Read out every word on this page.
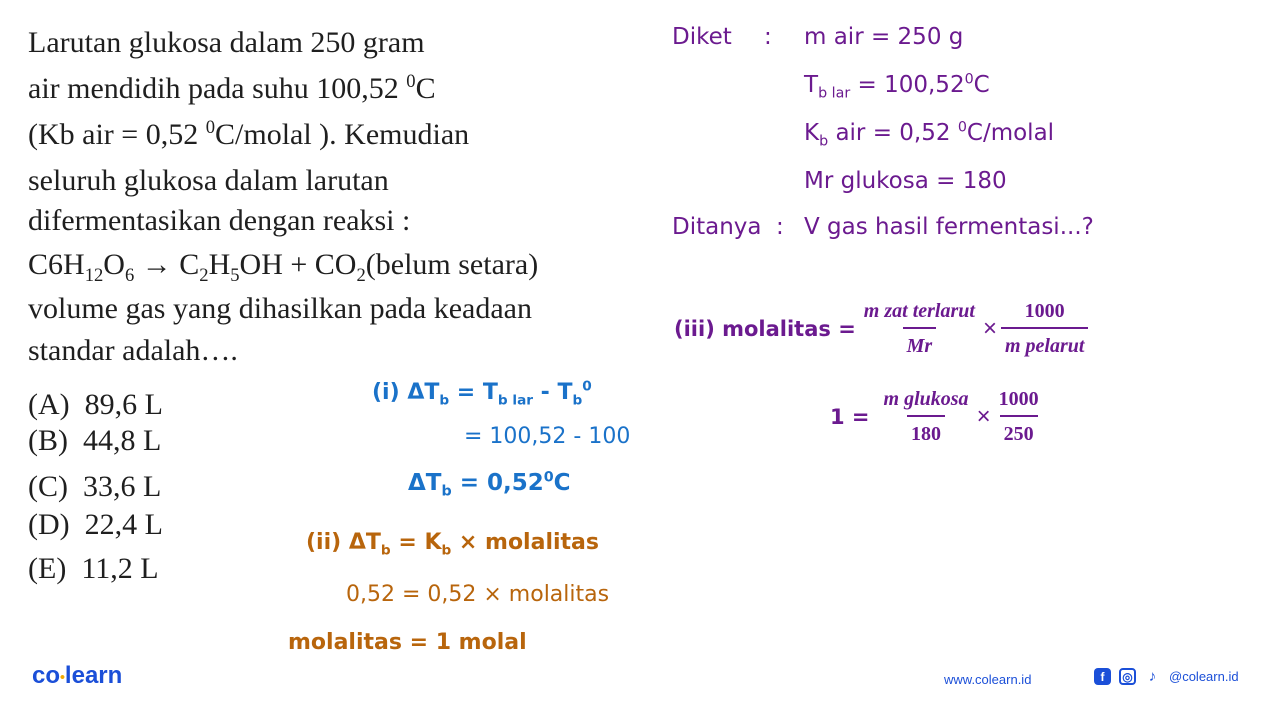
Larutan glukosa dalam 250 gram
air mendidih pada suhu 100,52 $^0$C
(Kb air = 0,52 $^0$C/molal ). Kemudian
seluruh glukosa dalam larutan
difermentasikan dengan reaksi :
$C6H_{12}O_6 \to C_2H_5OH$ + $CO_2(belum$ setara)
volume gas yang dihasilkan pada keadaan
standar adalah….
(A) 89,6 L
(B) 44,8 L
(C) 33,6 L
(D) 22,4 L
(E) 11,2 L
Diket : m air = 250 g
$T_{b lar} = 100,52^0C$
$K_b$ air = 0,52 $^0$C/molal
Mr glukosa = 180
Ditanya : V gas hasil fermentasi...?
(i) $\Delta T_b = T_{b lar} - T_b^0$
= 100,52 - 100
$\Delta T_b = 0,52^0C$
(ii) $\Delta T_b = K_b$ × molalitas
0,52 = 0,52 × molalitas
molalitas = 1 molal
(iii) molalitas = $\frac{\text{m zat terlarut}}{Mr} \times \frac{1000}{\text{m pelarut}}$
$1 = \frac{\text{m glukosa}}{180} \times \frac{1000}{250}$
co•learn	www.colearn.id	f	◎	♪ @colearn.id
